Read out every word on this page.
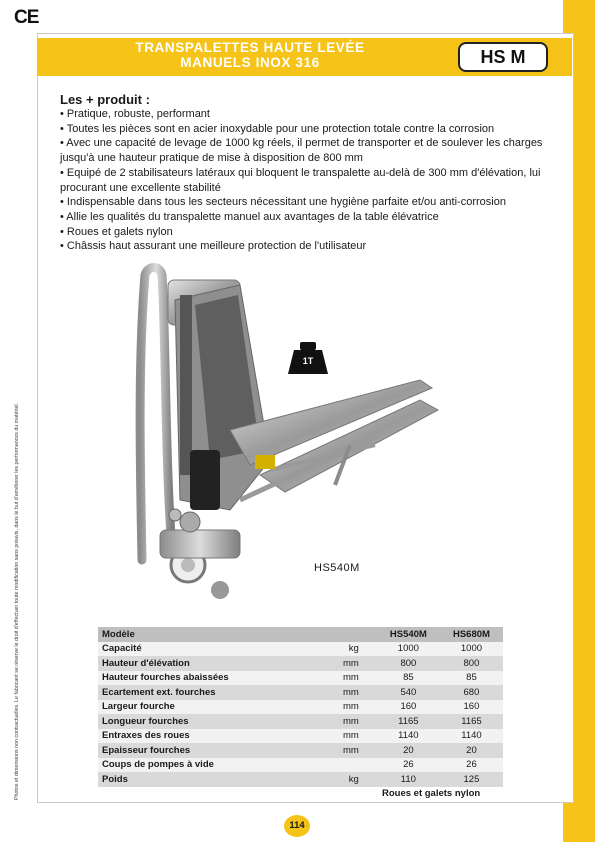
CE
Photos et dimensions non contractuelles. Le fabricant se réserve le droit d'effectuer toute modification sans préavis, dans le but d'améliorer les performances du matériel.
TRANSPALETTES HAUTE LEVÉE
MANUELS INOX 316	HS M
Les + produit :
• Pratique, robuste, performant
• Toutes les pièces sont en acier inoxydable pour une protection totale contre la corrosion
• Avec une capacité de levage de 1000 kg réels, il permet de transporter et de soulever les charges jusqu'à une hauteur pratique de mise à disposition de 800 mm
• Equipé de 2 stabilisateurs latéraux qui bloquent le transpalette au-delà de 300 mm d'élévation, lui procurant une excellente stabilité
• Indispensable dans tous les secteurs nécessitant une hygiène parfaite et/ou anti-corrosion
• Allie les qualités du transpalette manuel aux avantages de la table élévatrice
• Roues et galets nylon
• Châssis haut assurant une meilleure protection de l'utilisateur
1T
HS540M
Modèle		HS540M	HS680M
Capacité	kg	1000	1000
Hauteur d'élévation	mm	800	800
Hauteur fourches abaissées	mm	85	85
Ecartement ext. fourches	mm	540	680
Largeur fourche	mm	160	160
Longueur fourches	mm	1165	1165
Entraxes des roues	mm	1140	1140
Epaisseur fourches	mm	20	20
Coups de pompes à vide		26	26
Poids	kg	110	125
Roues et galets nylon
114
